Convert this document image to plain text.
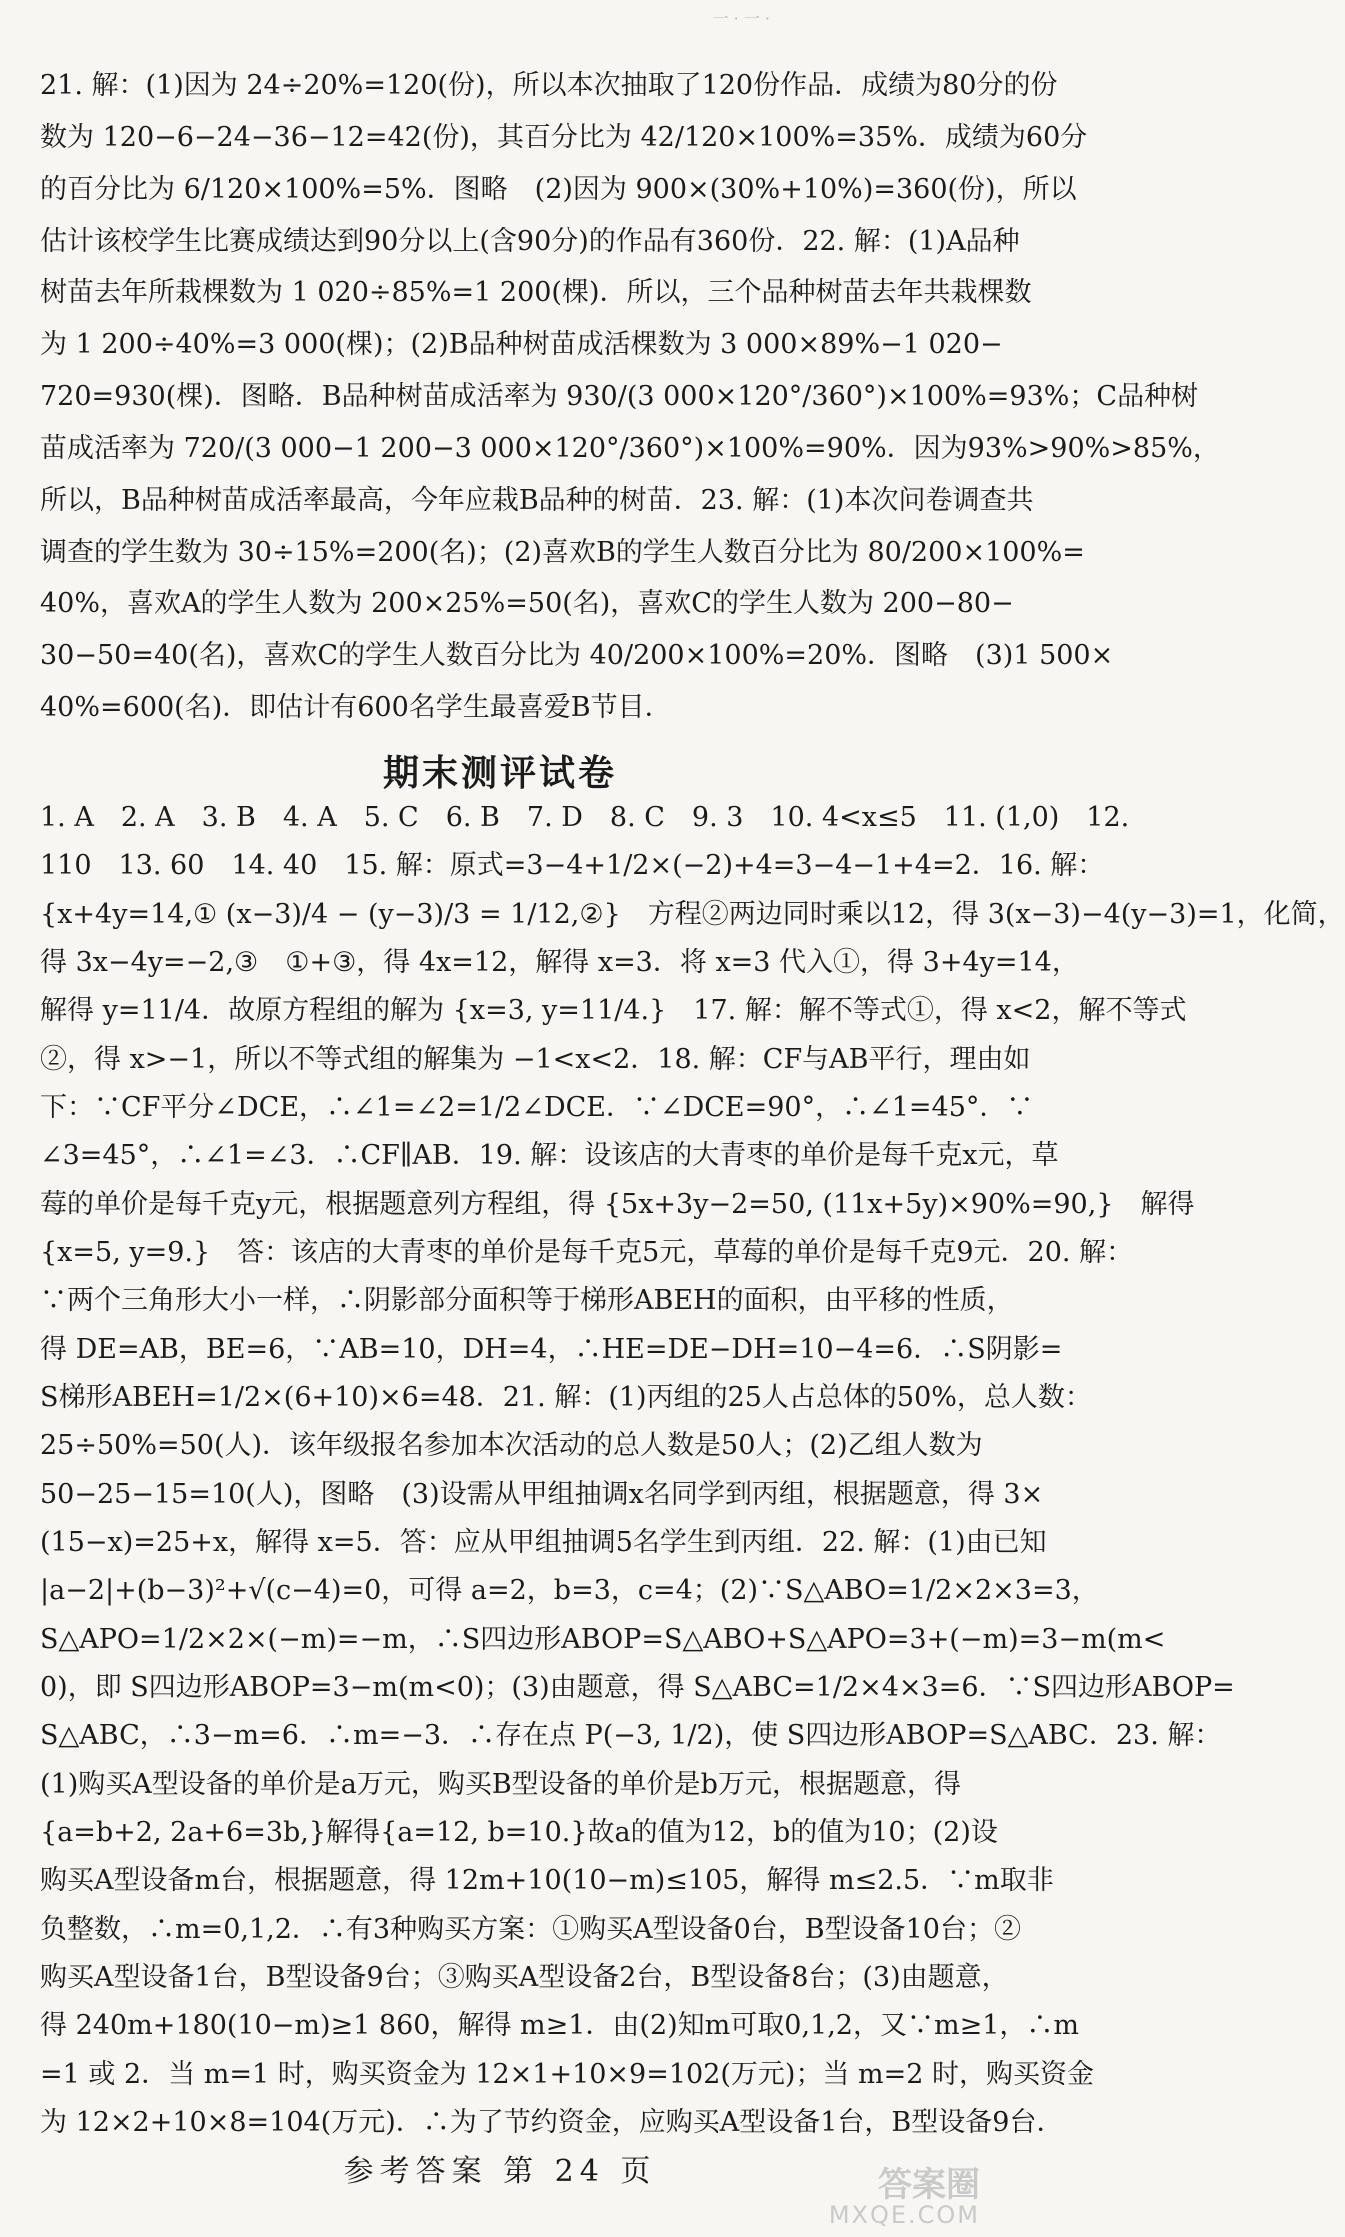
一 · 一 ·
21. 解：(1)因为 24÷20%=120(份)，所以本次抽取了120份作品．成绩为80分的份
数为 120−6−24−36−12=42(份)，其百分比为 42/120×100%=35%．成绩为60分
的百分比为 6/120×100%=5%．图略　(2)因为 900×(30%+10%)=360(份)，所以
估计该校学生比赛成绩达到90分以上(含90分)的作品有360份．22. 解：(1)A品种
树苗去年所栽棵数为 1 020÷85%=1 200(棵)．所以，三个品种树苗去年共栽棵数
为 1 200÷40%=3 000(棵)；(2)B品种树苗成活棵数为 3 000×89%−1 020−
720=930(棵)．图略．B品种树苗成活率为 930/(3 000×120°/360°)×100%=93%；C品种树
苗成活率为 720/(3 000−1 200−3 000×120°/360°)×100%=90%．因为93%>90%>85%，
所以，B品种树苗成活率最高，今年应栽B品种的树苗．23. 解：(1)本次问卷调查共
调查的学生数为 30÷15%=200(名)；(2)喜欢B的学生人数百分比为 80/200×100%=
40%，喜欢A的学生人数为 200×25%=50(名)，喜欢C的学生人数为 200−80−
30−50=40(名)，喜欢C的学生人数百分比为 40/200×100%=20%．图略　(3)1 500×
40%=600(名)．即估计有600名学生最喜爱B节目．
期末测评试卷
1. A　2. A　3. B　4. A　5. C　6. B　7. D　8. C　9. 3　10. 4<x≤5　11. (1,0)　12.
110　13. 60　14. 40　15. 解：原式=3−4+1/2×(−2)+4=3−4−1+4=2．16. 解：
{x+4y=14,① (x−3)/4 − (y−3)/3 = 1/12,②}　方程②两边同时乘以12，得 3(x−3)−4(y−3)=1，化简，
得 3x−4y=−2,③　①+③，得 4x=12，解得 x=3．将 x=3 代入①，得 3+4y=14，
解得 y=11/4．故原方程组的解为 {x=3, y=11/4.}　17. 解：解不等式①，得 x<2，解不等式
②，得 x>−1，所以不等式组的解集为 −1<x<2．18. 解：CF与AB平行，理由如
下：∵CF平分∠DCE，∴∠1=∠2=1/2∠DCE．∵∠DCE=90°，∴∠1=45°．∵
∠3=45°，∴∠1=∠3．∴CF∥AB．19. 解：设该店的大青枣的单价是每千克x元，草
莓的单价是每千克y元，根据题意列方程组，得 {5x+3y−2=50, (11x+5y)×90%=90,}　解得
{x=5, y=9.}　答：该店的大青枣的单价是每千克5元，草莓的单价是每千克9元．20. 解：
∵两个三角形大小一样，∴阴影部分面积等于梯形ABEH的面积，由平移的性质，
得 DE=AB，BE=6，∵AB=10，DH=4，∴HE=DE−DH=10−4=6．∴S阴影=
S梯形ABEH=1/2×(6+10)×6=48．21. 解：(1)丙组的25人占总体的50%，总人数：
25÷50%=50(人)．该年级报名参加本次活动的总人数是50人；(2)乙组人数为
50−25−15=10(人)，图略　(3)设需从甲组抽调x名同学到丙组，根据题意，得 3×
(15−x)=25+x，解得 x=5．答：应从甲组抽调5名学生到丙组．22. 解：(1)由已知
|a−2|+(b−3)²+√(c−4)=0，可得 a=2，b=3，c=4；(2)∵S△ABO=1/2×2×3=3，
S△APO=1/2×2×(−m)=−m，∴S四边形ABOP=S△ABO+S△APO=3+(−m)=3−m(m<
0)，即 S四边形ABOP=3−m(m<0)；(3)由题意，得 S△ABC=1/2×4×3=6．∵S四边形ABOP=
S△ABC，∴3−m=6．∴m=−3．∴存在点 P(−3, 1/2)，使 S四边形ABOP=S△ABC．23. 解：
(1)购买A型设备的单价是a万元，购买B型设备的单价是b万元，根据题意，得
{a=b+2, 2a+6=3b,}解得{a=12, b=10.}故a的值为12，b的值为10；(2)设
购买A型设备m台，根据题意，得 12m+10(10−m)≤105，解得 m≤2.5．∵m取非
负整数，∴m=0,1,2．∴有3种购买方案：①购买A型设备0台，B型设备10台；②
购买A型设备1台，B型设备9台；③购买A型设备2台，B型设备8台；(3)由题意，
得 240m+180(10−m)≥1 860，解得 m≥1．由(2)知m可取0,1,2，又∵m≥1，∴m
=1 或 2．当 m=1 时，购买资金为 12×1+10×9=102(万元)；当 m=2 时，购买资金
为 12×2+10×8=104(万元)．∴为了节约资金，应购买A型设备1台，B型设备9台．
参考答案 第 24 页	答案圈
MXQE.COM
